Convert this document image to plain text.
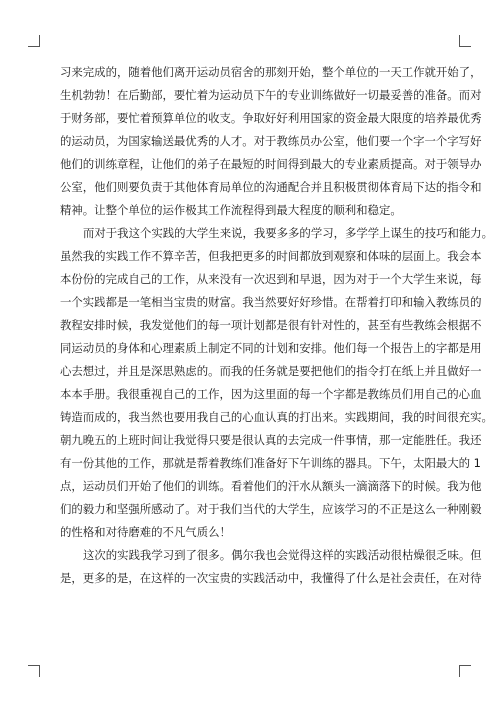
习来完成的，随着他们离开运动员宿舍的那刻开始，整个单位的一天工作就开始了，
生机勃勃！在后勤部，要忙着为运动员下午的专业训练做好一切最妥善的准备。而对
于财务部，要忙着预算单位的收支。争取好好利用国家的资金最大限度的培养最优秀
的运动员，为国家输送最优秀的人才。对于教练员办公室，他们要一个字一个字写好
他们的训练章程，让他们的弟子在最短的时间得到最大的专业素质提高。对于领导办
公室，他们则要负责于其他体育局单位的沟通配合并且积极贯彻体育局下达的指令和
精神。让整个单位的运作极其工作流程得到最大程度的顺利和稳定。
而对于我这个实践的大学生来说，我要多多的学习，多学学上谋生的技巧和能力。
虽然我的实践工作不算辛苦，但我把更多的时间都放到观察和体味的层面上。我会本
本份份的完成自己的工作，从来没有一次迟到和早退，因为对于一个大学生来说，每
一个实践都是一笔相当宝贵的财富。我当然要好好珍惜。在帮着打印和输入教练员的
教程安排时候，我发觉他们的每一项计划都是很有针对性的，甚至有些教练会根据不
同运动员的身体和心理素质上制定不同的计划和安排。他们每一个报告上的字都是用
心去想过，并且是深思熟虑的。而我的任务就是要把他们的指令打在纸上并且做好一
本本手册。我很重视自己的工作，因为这里面的每一个字都是教练员们用自己的心血
铸造而成的，我当然也要用我自己的心血认真的打出来。实践期间，我的时间很充实。
朝九晚五的上班时间让我觉得只要是很认真的去完成一件事情，那一定能胜任。我还
有一份其他的工作，那就是帮着教练们准备好下午训练的器具。下午，太阳最大的 1
点，运动员们开始了他们的训练。看着他们的汗水从额头一滴滴落下的时候。我为他
们的毅力和坚强所感动了。对于我们当代的大学生，应该学习的不正是这么一种刚毅
的性格和对待磨难的不凡气质么！
这次的实践我学习到了很多。偶尔我也会觉得这样的实践活动很枯燥很乏味。但
是，更多的是，在这样的一次宝贵的实践活动中，我懂得了什么是社会责任，在对待
